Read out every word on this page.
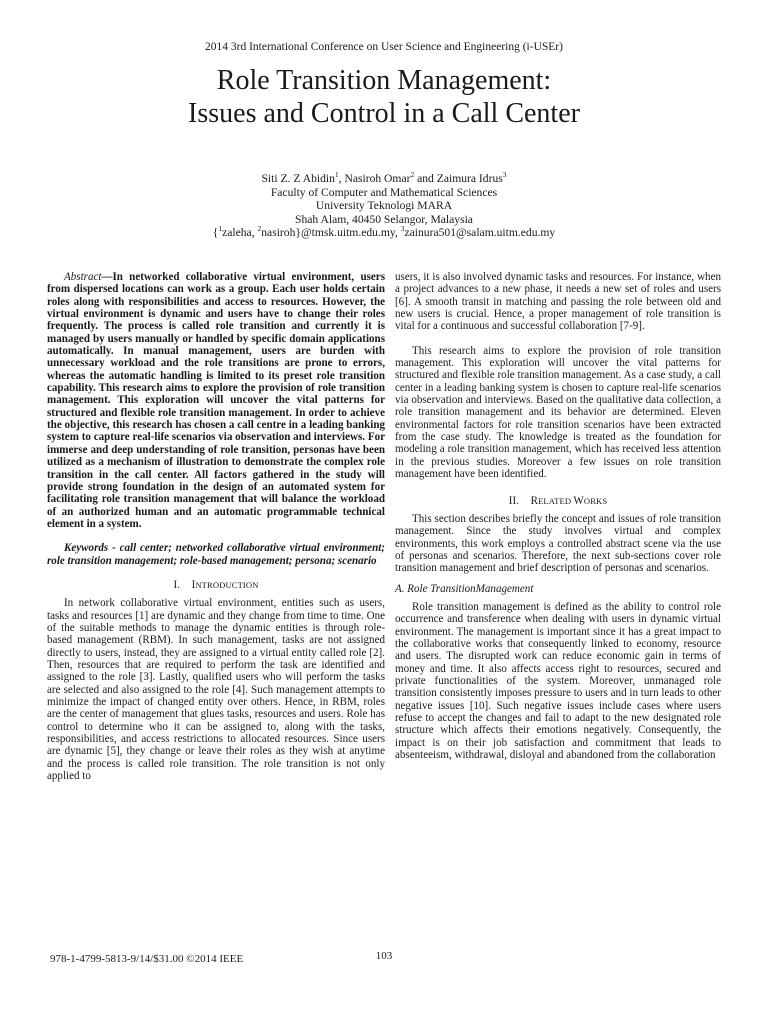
2014 3rd International Conference on User Science and Engineering (i-USEr)
Role Transition Management:
Issues and Control in a Call Center
Siti Z. Z Abidin$^1$, Nasiroh Omar$^2$ and Zaimura Idrus$^3$
Faculty of Computer and Mathematical Sciences
University Teknologi MARA
Shah Alam, 40450 Selangor, Malaysia
{$^1$zaleha, $^2$nasiroh}@tmsk.uitm.edu.my, $^3$zainura501@salam.uitm.edu.my

Abstract—In networked collaborative virtual environment, users from dispersed locations can work as a group. Each user holds certain roles along with responsibilities and access to resources. However, the virtual environment is dynamic and users have to change their roles frequently. The process is called role transition and currently it is managed by users manually or handled by specific domain applications automatically. In manual management, users are burden with unnecessary workload and the role transitions are prone to errors, whereas the automatic handling is limited to its preset role transition capability. This research aims to explore the provision of role transition management. This exploration will uncover the vital patterns for structured and flexible role transition management. In order to achieve the objective, this research has chosen a call centre in a leading banking system to capture real-life scenarios via observation and interviews. For immerse and deep understanding of role transition, personas have been utilized as a mechanism of illustration to demonstrate the complex role transition in the call center. All factors gathered in the study will provide strong foundation in the design of an automated system for facilitating role transition management that will balance the workload of an authorized human and an automatic programmable technical element in a system.

Keywords - call center; networked collaborative virtual environment; role transition management; role-based management; persona; scenario

I. INTRODUCTION

In network collaborative virtual environment, entities such as users, tasks and resources [1] are dynamic and they change from time to time. One of the suitable methods to manage the dynamic entities is through role-based management (RBM). In such management, tasks are not assigned directly to users, instead, they are assigned to a virtual entity called role [2]. Then, resources that are required to perform the task are identified and assigned to the role [3]. Lastly, qualified users who will perform the tasks are selected and also assigned to the role [4]. Such management attempts to minimize the impact of changed entity over others. Hence, in RBM, roles are the center of management that glues tasks, resources and users. Role has control to determine who it can be assigned to, along with the tasks, responsibilities, and access restrictions to allocated resources. Since users are dynamic [5], they change or leave their roles as they wish at anytime and the process is called role transition. The role transition is not only applied to

users, it is also involved dynamic tasks and resources. For instance, when a project advances to a new phase, it needs a new set of roles and users [6]. A smooth transit in matching and passing the role between old and new users is crucial. Hence, a proper management of role transition is vital for a continuous and successful collaboration [7-9].

This research aims to explore the provision of role transition management. This exploration will uncover the vital patterns for structured and flexible role transition management. As a case study, a call center in a leading banking system is chosen to capture real-life scenarios via observation and interviews. Based on the qualitative data collection, a role transition management and its behavior are determined. Eleven environmental factors for role transition scenarios have been extracted from the case study. The knowledge is treated as the foundation for modeling a role transition management, which has received less attention in the previous studies. Moreover a few issues on role transition management have been identified.

II. RELATED WORKS

This section describes briefly the concept and issues of role transition management. Since the study involves virtual and complex environments, this work employs a controlled abstract scene via the use of personas and scenarios. Therefore, the next sub-sections cover role transition management and brief description of personas and scenarios.

A. Role TransitionManagement

Role transition management is defined as the ability to control role occurrence and transference when dealing with users in dynamic virtual environment. The management is important since it has a great impact to the collaborative works that consequently linked to economy, resource and users. The disrupted work can reduce economic gain in terms of money and time. It also affects access right to resources, secured and private functionalities of the system. Moreover, unmanaged role transition consistently imposes pressure to users and in turn leads to other negative issues [10]. Such negative issues include cases where users refuse to accept the changes and fail to adapt to the new designated role structure which affects their emotions negatively. Consequently, the impact is on their job satisfaction and commitment that leads to absenteeism, withdrawal, disloyal and abandoned from the collaboration

978-1-4799-5813-9/14/$31.00 ©2014 IEEE	103
